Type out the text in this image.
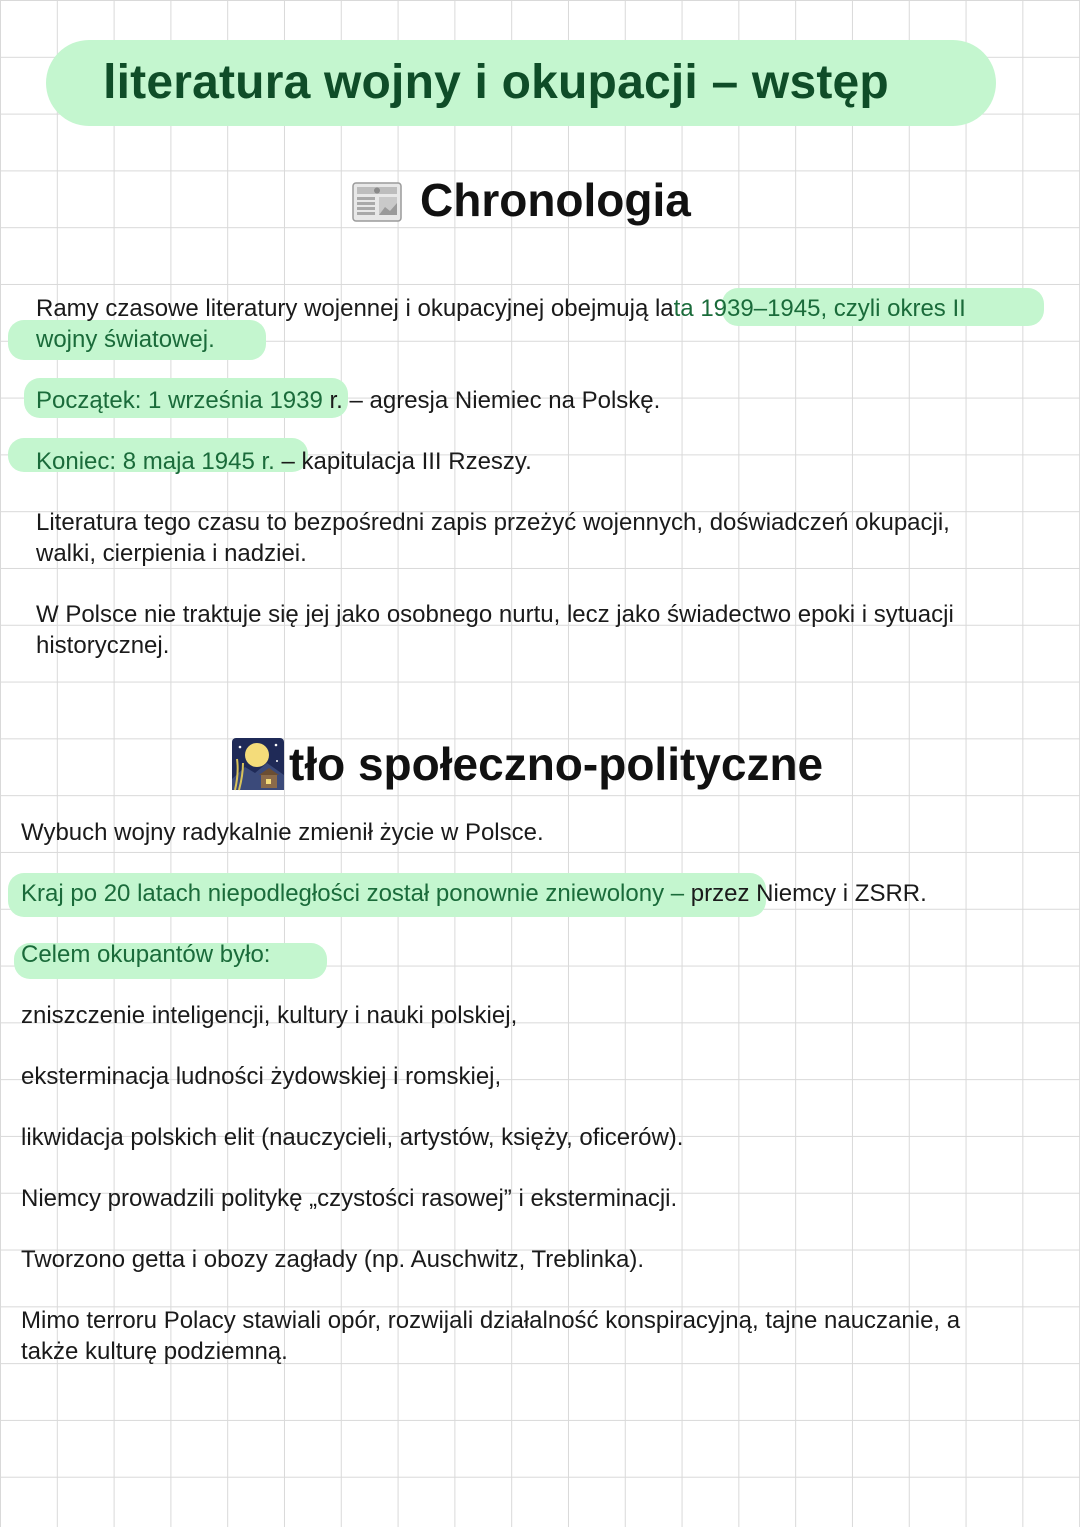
literatura wojny i okupacji – wstęp
Chronologia

Ramy czasowe literatury wojennej i okupacyjnej obejmują lata 1939–1945, czyli okres II
wojny światowej.

Początek: 1 września 1939 r. – agresja Niemiec na Polskę.

Koniec: 8 maja 1945 r. – kapitulacja III Rzeszy.

Literatura tego czasu to bezpośredni zapis przeżyć wojennych, doświadczeń okupacji,
walki, cierpienia i nadziei.

W Polsce nie traktuje się jej jako osobnego nurtu, lecz jako świadectwo epoki i sytuacji
historycznej.

tło społeczno-polityczne

Wybuch wojny radykalnie zmienił życie w Polsce.

Kraj po 20 latach niepodległości został ponownie zniewolony – przez Niemcy i ZSRR.

Celem okupantów było:

zniszczenie inteligencji, kultury i nauki polskiej,

eksterminacja ludności żydowskiej i romskiej,

likwidacja polskich elit (nauczycieli, artystów, księży, oficerów).

Niemcy prowadzili politykę „czystości rasowej” i eksterminacji.

Tworzono getta i obozy zagłady (np. Auschwitz, Treblinka).

Mimo terroru Polacy stawiali opór, rozwijali działalność konspiracyjną, tajne nauczanie, a
także kulturę podziemną.
